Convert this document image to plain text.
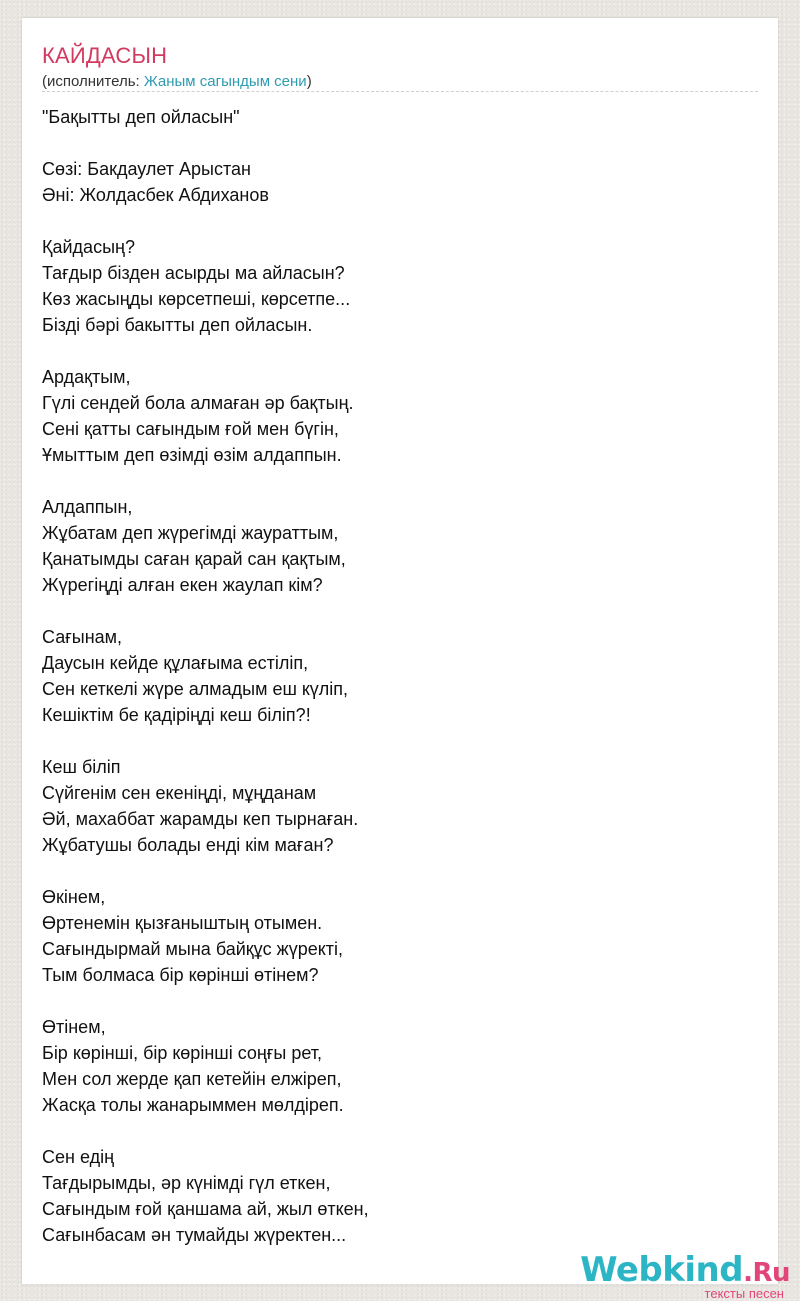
КАЙДАСЫН
(исполнитель: Жаным сагындым сени)
"Бақытты деп ойласын"
Сөзі: Бакдаулет Арыстан
Әні: Жолдасбек Абдиханов
Қайдасың?
Тағдыр бізден асырды ма айласын?
Көз жасыңды көрсетпеші, көрсетпе...
Бізді бәрі бакытты деп ойласын.
Ардақтым,
Гүлі сендей бола алмаған әр бақтың.
Сені қатты сағындым ғой мен бүгін,
Ұмыттым деп өзімді өзім алдаппын.
Алдаппын,
Жұбатам деп жүрегімді жаураттым,
Қанатымды саған қарай сан қақтым,
Жүрегіңді алған екен жаулап кім?
Сағынам,
Даусын кейде құлағыма естіліп,
Сен кеткелі жүре алмадым еш күліп,
Кешіктім бе қадіріңді кеш біліп?!
Кеш біліп
Сүйгенім сен екеніңді, мұңданам
Әй, махаббат жарамды кеп тырнаған.
Жұбатушы болады енді кім маған?
Өкінем,
Өртенемін қызғаныштың отымен.
Сағындырмай мына байқұс жүректі,
Тым болмаса бір көрінші өтінем?
Өтінем,
Бір көрінші, бір көрінші соңғы рет,
Мен сол жерде қап кетейін елжіреп,
Жасқа толы жанарыммен мөлдіреп.
Сен едің
Тағдырымды, әр күнімді гүл еткен,
Сағындым ғой қаншама ай, жыл өткен,
Сағынбасам ән тумайды жүректен...
Webkind.Ru
тексты песен
